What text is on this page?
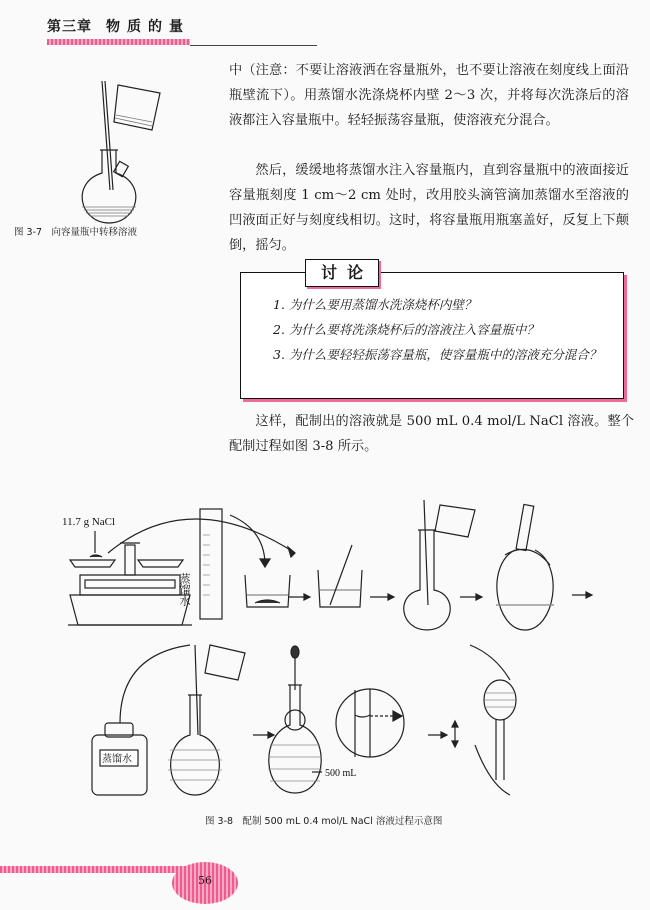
第三章 物质的量
图 3-7　向容量瓶中转移溶液
中（注意：不要让溶液洒在容量瓶外，也不要让溶液在刻度线上面沿瓶壁流下）。用蒸馏水洗涤烧杯内壁 2～3 次，并将每次洗涤后的溶液都注入容量瓶中。轻轻振荡容量瓶，使溶液充分混合。
然后，缓缓地将蒸馏水注入容量瓶内，直到容量瓶中的液面接近容量瓶刻度 1 cm～2 cm 处时，改用胶头滴管滴加蒸馏水至溶液的凹液面正好与刻度线相切。这时，将容量瓶用瓶塞盖好，反复上下颠倒，摇匀。
讨论
1. 为什么要用蒸馏水洗涤烧杯内壁？
2. 为什么要将洗涤烧杯后的溶液注入容量瓶中？
3. 为什么要轻轻振荡容量瓶，使容量瓶中的溶液充分混合？
这样，配制出的溶液就是 500 mL 0.4 mol/L NaCl 溶液。整个配制过程如图 3-8 所示。
11.7 g NaCl
蒸馏水
蒸馏水
500 mL
图 3-8　配制 500 mL 0.4 mol/L NaCl 溶液过程示意图
56
